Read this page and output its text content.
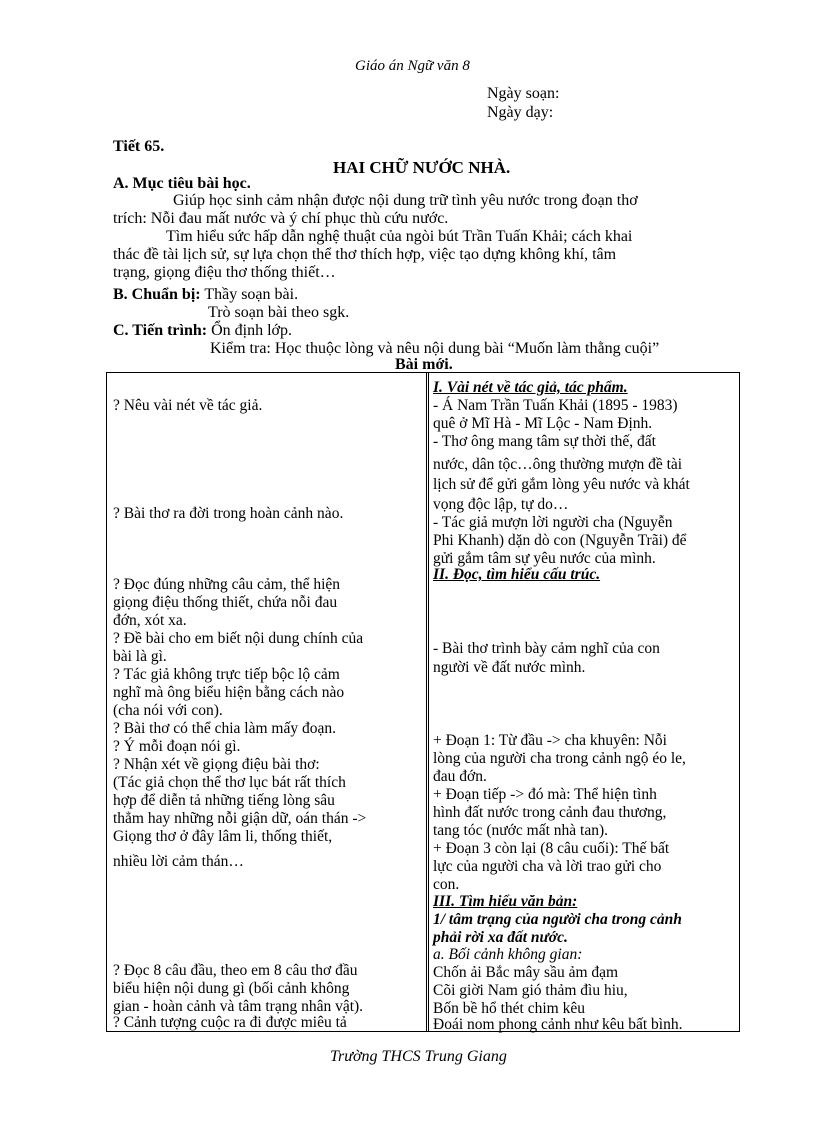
Giáo án Ngữ văn 8
Ngày soạn:
Ngày dạy:
Tiết 65.
HAI CHỮ NƯỚC NHÀ.
A. Mục tiêu bài học.
Giúp học sinh cảm nhận được nội dung trữ tình yêu nước trong đoạn thơ
trích: Nỗi đau mất nước và ý chí phục thù cứu nước.
Tìm hiểu sức hấp dẫn nghệ thuật của ngòi bút Trần Tuấn Khải; cách khai
thác đề tài lịch sử, sự lựa chọn thể thơ thích hợp, việc tạo dựng không khí, tâm
trạng, giọng điệu thơ thống thiết…
B. Chuẩn bị: Thầy soạn bài.
Trò soạn bài theo sgk.
C. Tiến trình: Ổn định lớp.
Kiểm tra: Học thuộc lòng và nêu nội dung bài “Muốn làm thằng cuội”
Bài mới.
? Nêu vài nét về tác giả.
? Bài thơ ra đời trong hoàn cảnh nào.
? Đọc đúng những câu cảm, thể hiện
giọng điệu thống thiết, chứa nỗi đau
đớn, xót xa.
? Đề bài cho em biết nội dung chính của
bài là gì.
? Tác giả không trực tiếp bộc lộ cảm
nghĩ mà ông biểu hiện bằng cách nào
(cha nói với con).
? Bài thơ có thể chia làm mấy đoạn.
? Ý mỗi đoạn nói gì.
? Nhận xét về giọng điệu bài thơ:
(Tác giả chọn thể thơ lục bát rất thích
hợp để diễn tả những tiếng lòng sâu
thẳm hay những nỗi giận dữ, oán thán ->
Giọng thơ ở đây lâm li, thống thiết,
nhiều lời cảm thán…
? Đọc 8 câu đầu, theo em 8 câu thơ đầu
biểu hiện nội dung gì (bối cảnh không
gian - hoàn cảnh và tâm trạng nhân vật).
? Cảnh tượng cuộc ra đi được miêu tả
I. Vài nét về tác giả, tác phẩm.
- Á Nam Trần Tuấn Khải (1895 - 1983)
quê ở Mĩ Hà - Mĩ Lộc - Nam Định.
- Thơ ông mang tâm sự thời thế, đất
nước, dân tộc…ông thường mượn đề tài
lịch sử để gửi gắm lòng yêu nước và khát
vọng độc lập, tự do…
- Tác giả mượn lời người cha (Nguyễn
Phi Khanh) dặn dò con (Nguyễn Trãi) để
gửi gắm tâm sự yêu nước của mình.
II. Đọc, tìm hiểu cấu trúc.
- Bài thơ trình bày cảm nghĩ của con
người về đất nước mình.
+ Đoạn 1: Từ đầu -> cha khuyên: Nỗi
lòng của người cha trong cảnh ngộ éo le,
đau đớn.
+ Đoạn tiếp -> đó mà: Thể hiện tình
hình đất nước trong cảnh đau thương,
tang tóc (nước mất nhà tan).
+ Đoạn 3 còn lại (8 câu cuối): Thế bất
lực của người cha và lời trao gửi cho
con.
III. Tìm hiểu văn bản:
1/ tâm trạng của người cha trong cảnh
phải rời xa đất nước.
a. Bối cảnh không gian:
Chốn ải Bắc mây sầu ảm đạm
Cõi giời Nam gió thảm đìu hiu,
Bốn bề hổ thét chim kêu
Đoái nom phong cảnh như kêu bất bình.
Trường THCS Trung Giang
